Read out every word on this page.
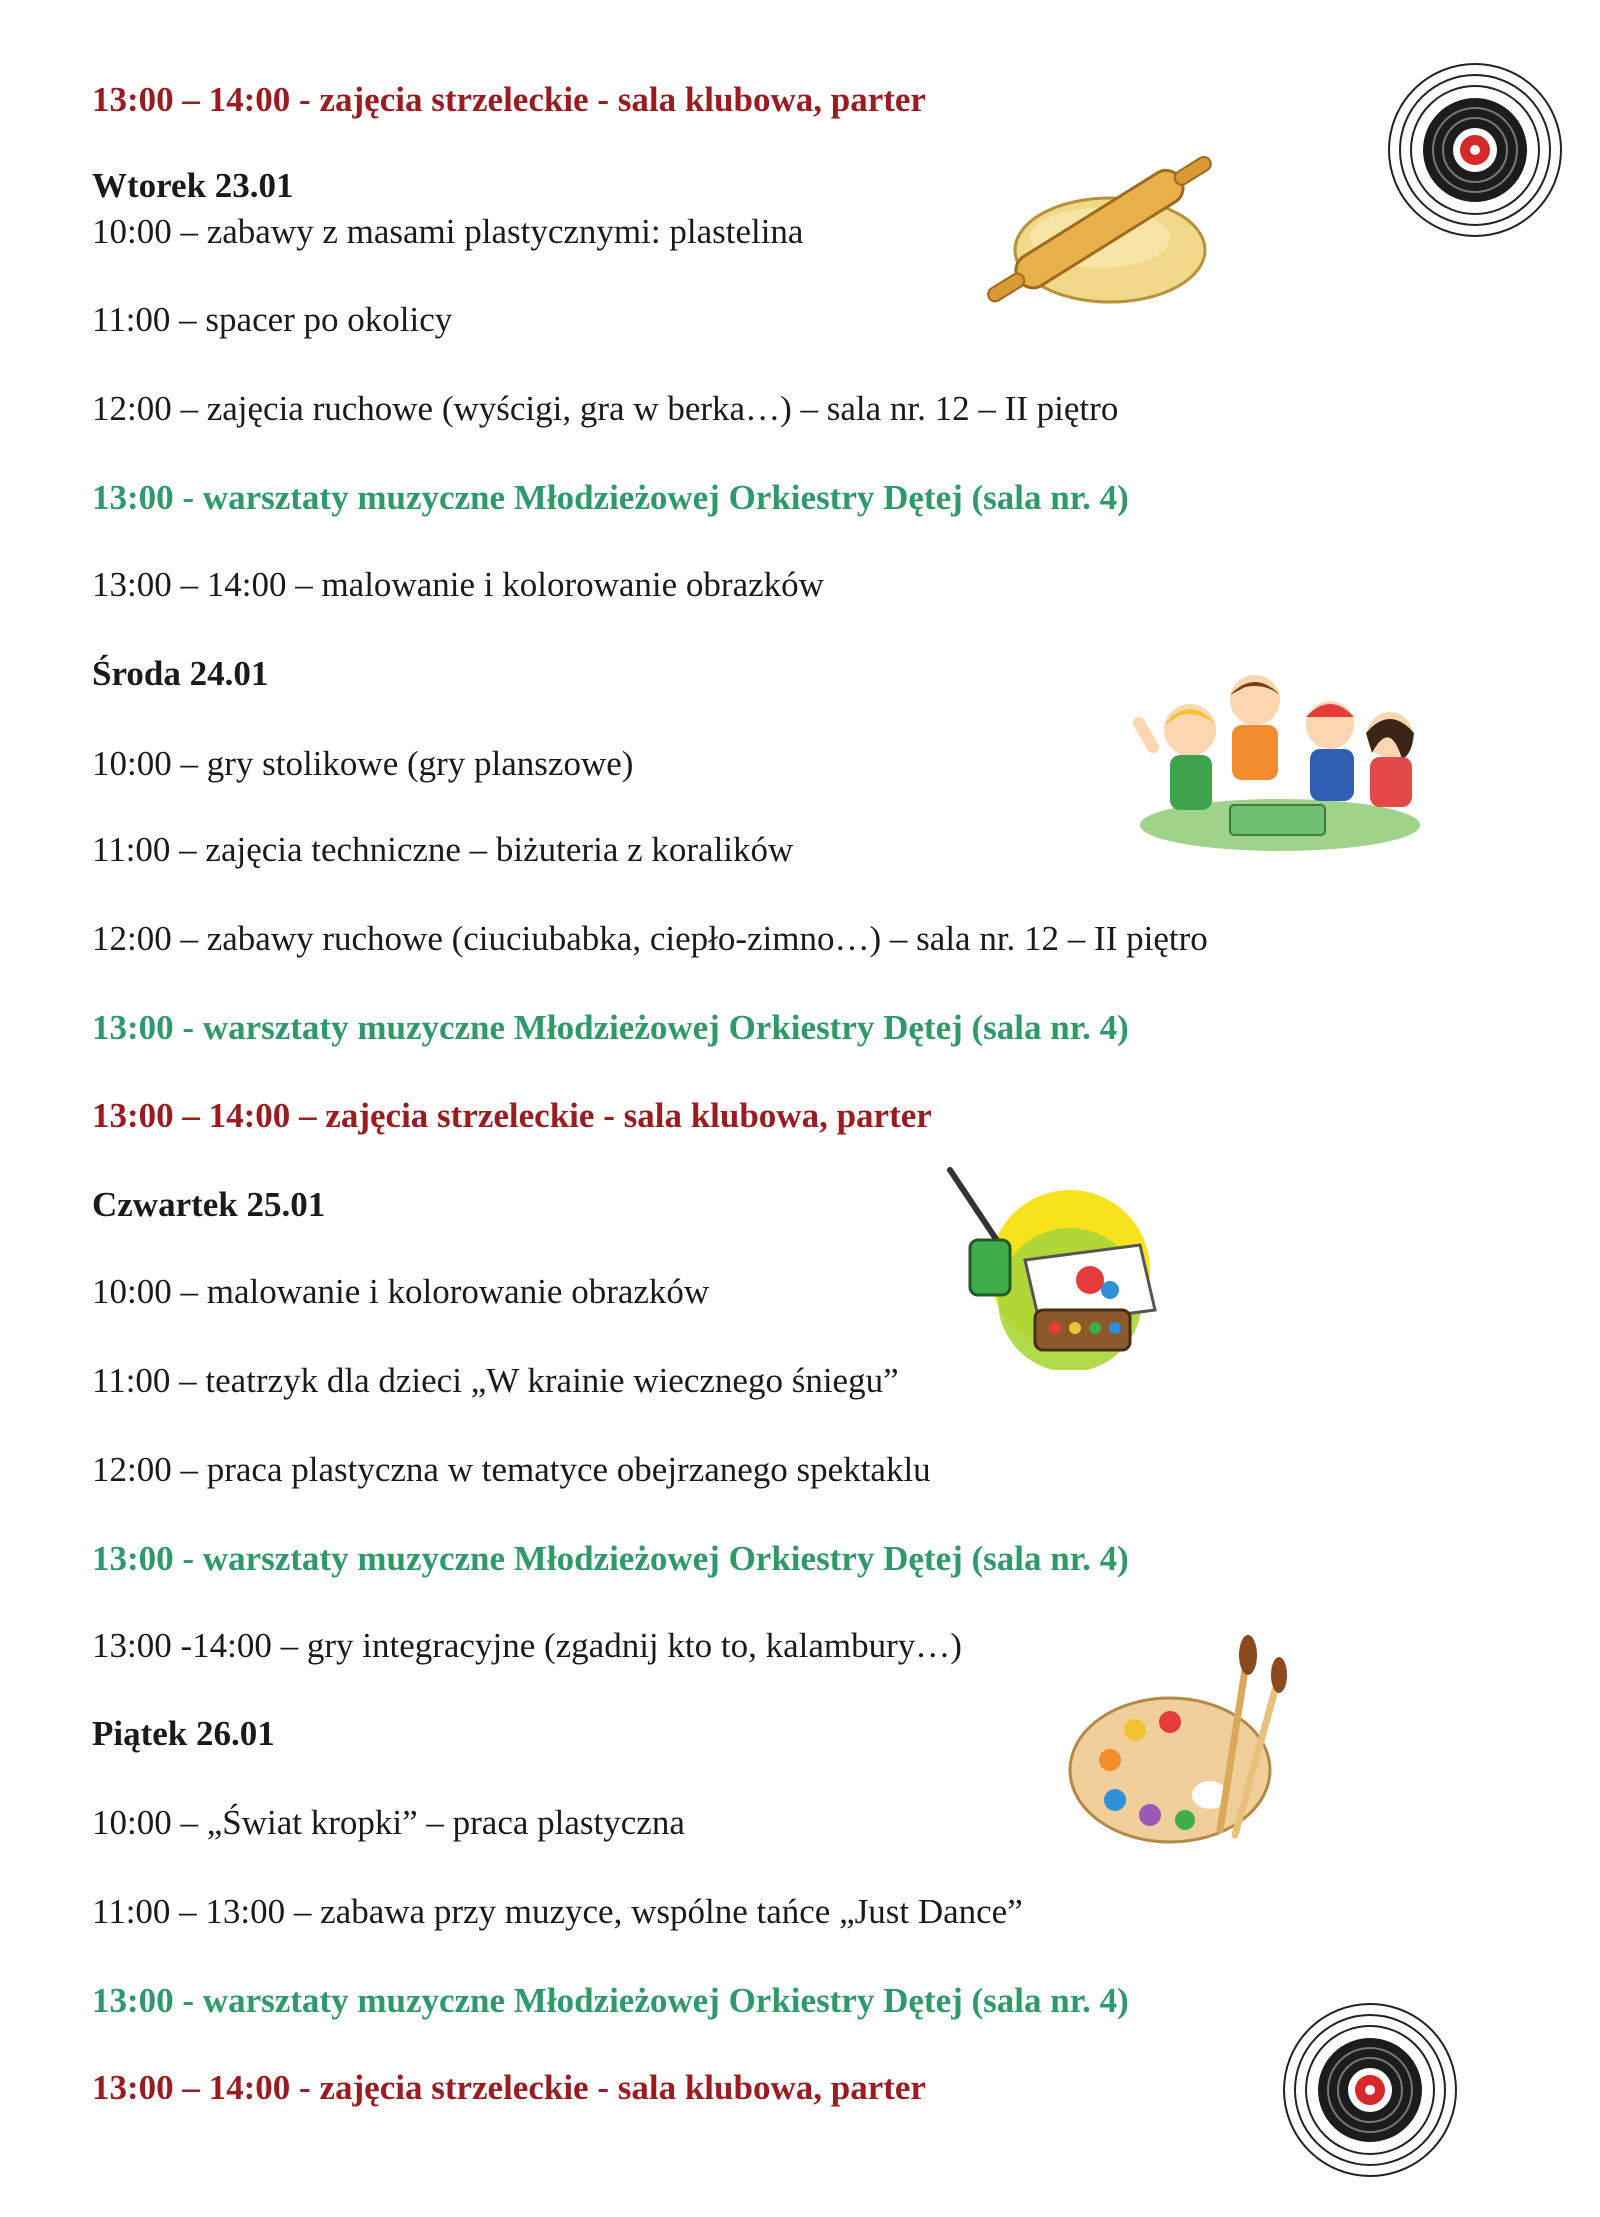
13:00 – 14:00 - zajęcia strzeleckie - sala klubowa, parter
Wtorek 23.01
10:00 – zabawy z masami plastycznymi: plastelina
11:00 – spacer po okolicy
12:00 – zajęcia ruchowe (wyścigi, gra w berka…) – sala nr. 12 – II piętro
13:00 - warsztaty muzyczne Młodzieżowej Orkiestry Dętej (sala nr. 4)
13:00 – 14:00 – malowanie i kolorowanie obrazków
Środa 24.01
10:00 – gry stolikowe (gry planszowe)
11:00 – zajęcia techniczne – biżuteria z koralików
12:00 – zabawy ruchowe (ciuciubabka, ciepło-zimno…) – sala nr. 12 – II piętro
13:00 - warsztaty muzyczne Młodzieżowej Orkiestry Dętej (sala nr. 4)
13:00 – 14:00 – zajęcia strzeleckie - sala klubowa, parter
Czwartek 25.01
10:00 – malowanie i kolorowanie obrazków
11:00 – teatrzyk dla dzieci „W krainie wiecznego śniegu”
12:00 – praca plastyczna w tematyce obejrzanego spektaklu
13:00 - warsztaty muzyczne Młodzieżowej Orkiestry Dętej (sala nr. 4)
13:00 -14:00 – gry integracyjne (zgadnij kto to, kalambury…)
Piątek 26.01
10:00 – „Świat kropki” – praca plastyczna
11:00 – 13:00 – zabawa przy muzyce, wspólne tańce „Just Dance”
13:00 - warsztaty muzyczne Młodzieżowej Orkiestry Dętej (sala nr. 4)
13:00 – 14:00 - zajęcia strzeleckie - sala klubowa, parter
